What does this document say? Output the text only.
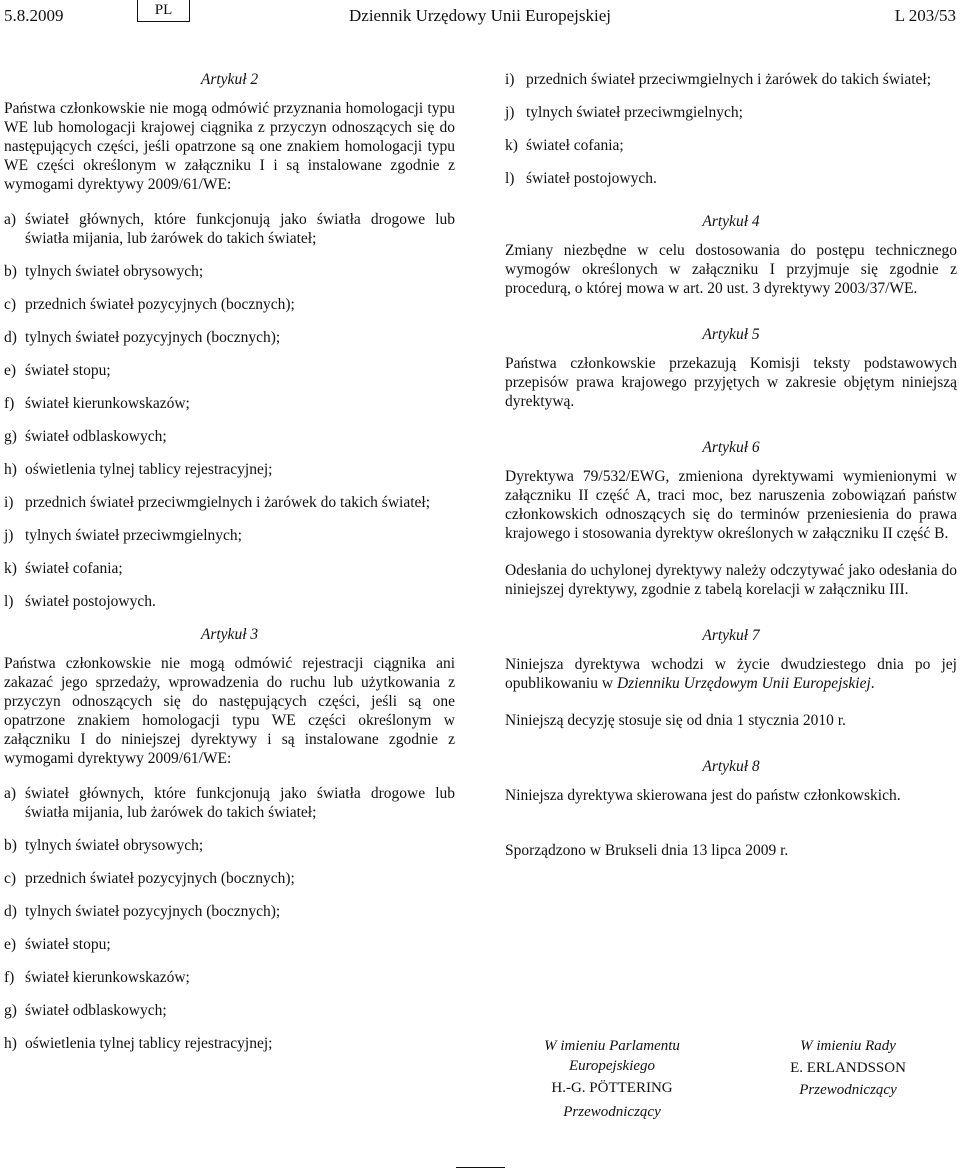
5.8.2009	PL	Dziennik Urzędowy Unii Europejskiej	L 203/53
Artykuł 2

Państwa członkowskie nie mogą odmówić przyznania homologacji typu WE lub homologacji krajowej ciągnika z przyczyn odnoszących się do następujących części, jeśli opatrzone są one znakiem homologacji typu WE części określonym w załączniku I i są instalowane zgodnie z wymogami dyrektywy 2009/61/WE:

a) świateł głównych, które funkcjonują jako światła drogowe lub światła mijania, lub żarówek do takich świateł;
b) tylnych świateł obrysowych;
c) przednich świateł pozycyjnych (bocznych);
d) tylnych świateł pozycyjnych (bocznych);
e) świateł stopu;
f) świateł kierunkowskazów;
g) świateł odblaskowych;
h) oświetlenia tylnej tablicy rejestracyjnej;
i) przednich świateł przeciwmgielnych i żarówek do takich świateł;
j) tylnych świateł przeciwmgielnych;
k) świateł cofania;
l) świateł postojowych.
Artykuł 3

Państwa członkowskie nie mogą odmówić rejestracji ciągnika ani zakazać jego sprzedaży, wprowadzenia do ruchu lub użytkowania z przyczyn odnoszących się do następujących części, jeśli są one opatrzone znakiem homologacji typu WE części określonym w załączniku I do niniejszej dyrektywy i są instalowane zgodnie z wymogami dyrektywy 2009/61/WE:

a) świateł głównych, które funkcjonują jako światła drogowe lub światła mijania, lub żarówek do takich świateł;
b) tylnych świateł obrysowych;
c) przednich świateł pozycyjnych (bocznych);
d) tylnych świateł pozycyjnych (bocznych);
e) świateł stopu;
f) świateł kierunkowskazów;
g) świateł odblaskowych;
h) oświetlenia tylnej tablicy rejestracyjnej;
i) przednich świateł przeciwmgielnych i żarówek do takich świateł;
j) tylnych świateł przeciwmgielnych;
k) świateł cofania;
l) świateł postojowych.
Artykuł 4

Zmiany niezbędne w celu dostosowania do postępu technicznego wymogów określonych w załączniku I przyjmuje się zgodnie z procedurą, o której mowa w art. 20 ust. 3 dyrektywy 2003/37/WE.

Artykuł 5

Państwa członkowskie przekazują Komisji teksty podstawowych przepisów prawa krajowego przyjętych w zakresie objętym niniejszą dyrektywą.

Artykuł 6

Dyrektywa 79/532/EWG, zmieniona dyrektywami wymienionymi w załączniku II część A, traci moc, bez naruszenia zobowiązań państw członkowskich odnoszących się do terminów przeniesienia do prawa krajowego i stosowania dyrektyw określonych w załączniku II część B.

Odesłania do uchylonej dyrektywy należy odczytywać jako odesłania do niniejszej dyrektywy, zgodnie z tabelą korelacji w załączniku III.

Artykuł 7

Niniejsza dyrektywa wchodzi w życie dwudziestego dnia po jej opublikowaniu w Dzienniku Urzędowym Unii Europejskiej.

Niniejszą decyzję stosuje się od dnia 1 stycznia 2010 r.

Artykuł 8

Niniejsza dyrektywa skierowana jest do państw członkowskich.

Sporządzono w Brukseli dnia 13 lipca 2009 r.

W imieniu Parlamentu
Europejskiego
H.-G. PÖTTERING
Przewodniczący
W imieniu Rady
E. ERLANDSSON
Przewodniczący
